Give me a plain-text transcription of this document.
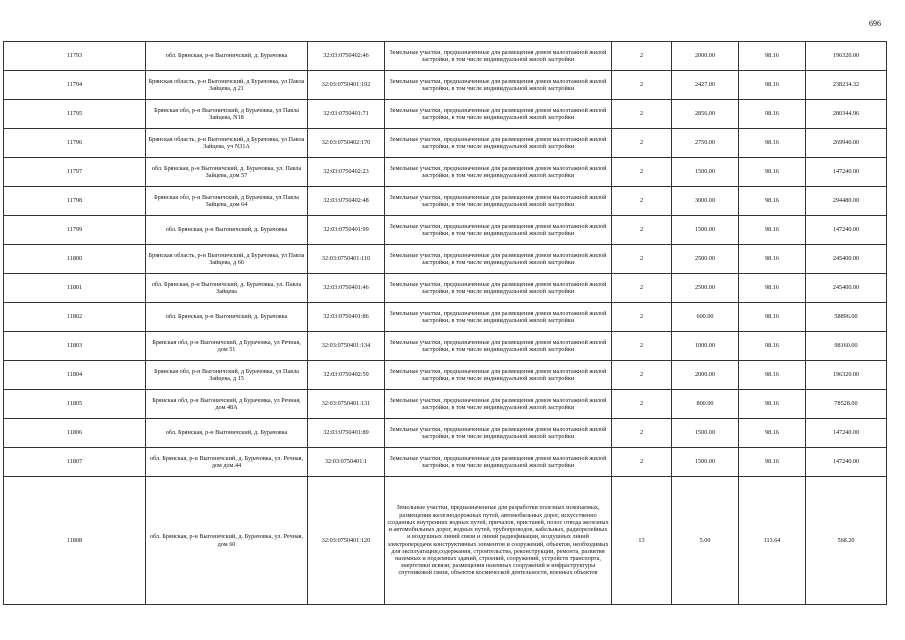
696
11793	обл. Брянская, р-н Выгоничский, д. Бурачовка	32:03:0750402:46	Земельные участки, предназначенные для размещения домов малоэтажной жилой застройки, в том числе индивидуальной жилой застройки	2	2000.00	98.16	196320.00
11794	Брянская область, р-н Выгоничский, д Бурачовка, ул Павла Зайцева, д 21	32:03:0750401:192	Земельные участки, предназначенные для размещения домов малоэтажной жилой застройки, в том числе индивидуальной жилой застройки	2	2427.00	98.16	238234.32
11795	Брянская обл, р-н Выгоничский, д Бурачовка, ул Павла Зайцева, N18	32:03:0750401:71	Земельные участки, предназначенные для размещения домов малоэтажной жилой застройки, в том числе индивидуальной жилой застройки	2	2856.00	98.16	280344.96
11796	Брянская область, р-н Выгоничский, д Бурачовка, ул Павла Зайцева, уч N31А	32:03:0750402:170	Земельные участки, предназначенные для размещения домов малоэтажной жилой застройки, в том числе индивидуальной жилой застройки	2	2750.00	98.16	269940.00
11797	обл. Брянская, р-н Выгоничский, д. Бурачовка, ул. Павла Зайцева, дом 57	32:03:0750402:23	Земельные участки, предназначенные для размещения домов малоэтажной жилой застройки, в том числе индивидуальной жилой застройки	2	1500.00	98.16	147240.00
11798	Брянская обл, р-н Выгоничский, д Бурачовка, ул Павла Зайцева, дом 64	32:03:0750402:48	Земельные участки, предназначенные для размещения домов малоэтажной жилой застройки, в том числе индивидуальной жилой застройки	2	3000.00	98.16	294480.00
11799	обл. Брянская, р-н Выгоничский, д. Бурачовка	32:03:0750401:99	Земельные участки, предназначенные для размещения домов малоэтажной жилой застройки, в том числе индивидуальной жилой застройки	2	1500.00	98.16	147240.00
11800	Брянская область, р-н Выгоничский, д Бурачовка, ул Павла Зайцева, д 66	32:03:0750401:110	Земельные участки, предназначенные для размещения домов малоэтажной жилой застройки, в том числе индивидуальной жилой застройки	2	2500.00	98.16	245400.00
11801	обл. Брянская, р-н Выгоничский, д. Бурачовка, ул. Павла Зайцева	32:03:0750401:46	Земельные участки, предназначенные для размещения домов малоэтажной жилой застройки, в том числе индивидуальной жилой застройки	2	2500.00	98.16	245400.00
11802	обл. Брянская, р-н Выгоничский, д. Бурачовка	32:03:0750401:86	Земельные участки, предназначенные для размещения домов малоэтажной жилой застройки, в том числе индивидуальной жилой застройки	2	600.00	98.16	58896.00
11803	Брянская обл, р-н Выгоничский, д Бурачовка, ул Речная, дом 51	32:03:0750401:134	Земельные участки, предназначенные для размещения домов малоэтажной жилой застройки, в том числе индивидуальной жилой застройки	2	1000.00	98.16	98160.00
11804	Брянская обл, р-н Выгоничский, д Бурачовка, ул Павла Зайцева, д 15	32:03:0750402:59	Земельные участки, предназначенные для размещения домов малоэтажной жилой застройки, в том числе индивидуальной жилой застройки	2	2000.00	98.16	196320.00
11805	Брянская обл, р-н Выгоничский, д Бурачовка, ул Речная, дом 48А	32:03:0750401:131	Земельные участки, предназначенные для размещения домов малоэтажной жилой застройки, в том числе индивидуальной жилой застройки	2	800.00	98.16	78528.00
11806	обл. Брянская, р-н Выгоничский, д. Бурачовка	32:03:0750401:89	Земельные участки, предназначенные для размещения домов малоэтажной жилой застройки, в том числе индивидуальной жилой застройки	2	1500.00	98.16	147240.00
11807	обл. Брянская, р-н Выгоничский, д. Бурачовка, ул. Речная, дом дом.44	32:03:0750401:1	Земельные участки, предназначенные для размещения домов малоэтажной жилой застройки, в том числе индивидуальной жилой застройки	2	1500.00	98.16	147240.00
11808	обл. Брянская, р-н Выгоничский, д. Бурачовка, ул. Речная, дом 60	32:03:0750401:120	Земельные участки, предназначенные для разработки полезных ископаемых, размещения железнодорожных путей, автомобильных дорог, искусственно созданных внутренних водных путей, причалов, пристаней, полос отвода железных и автомобильных дорог, водных путей, трубопроводов, кабельных, радиорелейных и воздушных линий связи и линий радиофикации, воздушных линий электропередачи конструктивных элементов и сооружений, объектов, необходимых для эксплуатации,содержания, строительства, реконструкции, ремонта, развития наземных и подземных зданий, строений, сооружений, устройств транспорта, энергетики исвязи; размещения наземных сооружений и инфраструктуры спутниковой связи, объектов космической деятельности, военных объектов	13	5.00	113.64	568.20
